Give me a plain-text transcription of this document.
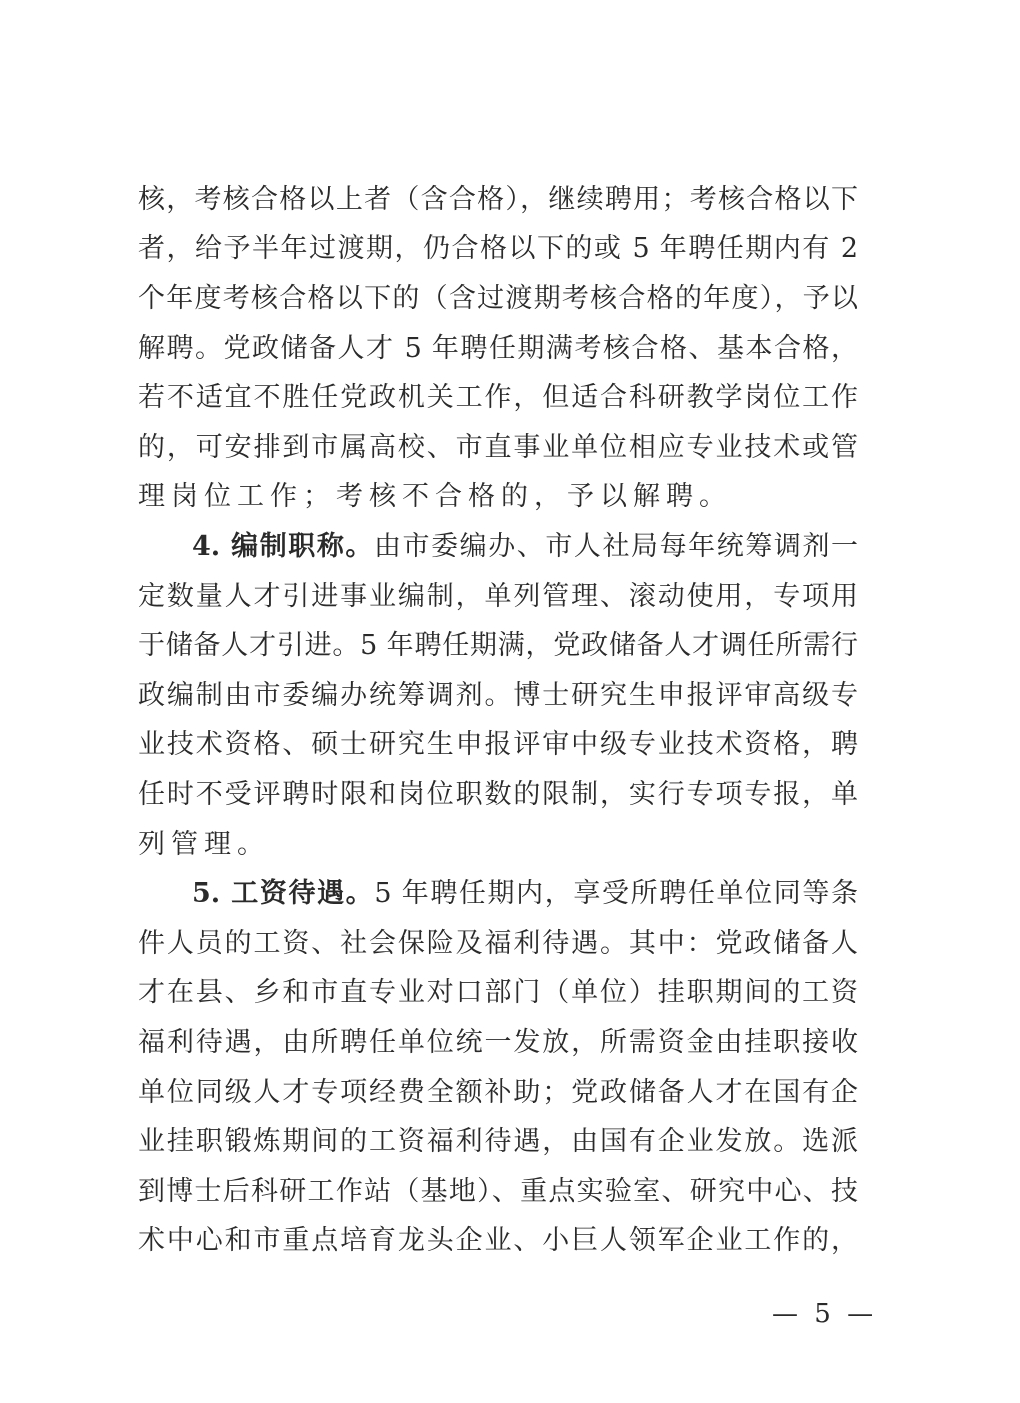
核，考核合格以上者（含合格），继续聘用；考核合格以下
者，给予半年过渡期，仍合格以下的或 5 年聘任期内有 2
个年度考核合格以下的（含过渡期考核合格的年度），予以
解聘。党政储备人才 5 年聘任期满考核合格、基本合格，
若不适宜不胜任党政机关工作，但适合科研教学岗位工作
的，可安排到市属高校、市直事业单位相应专业技术或管
理岗位工作；考核不合格的，予以解聘。
4. 编制职称。由市委编办、市人社局每年统筹调剂一
定数量人才引进事业编制，单列管理、滚动使用，专项用
于储备人才引进。5 年聘任期满，党政储备人才调任所需行
政编制由市委编办统筹调剂。博士研究生申报评审高级专
业技术资格、硕士研究生申报评审中级专业技术资格，聘
任时不受评聘时限和岗位职数的限制，实行专项专报，单
列管理。
5. 工资待遇。5 年聘任期内，享受所聘任单位同等条
件人员的工资、社会保险及福利待遇。其中：党政储备人
才在县、乡和市直专业对口部门（单位）挂职期间的工资
福利待遇，由所聘任单位统一发放，所需资金由挂职接收
单位同级人才专项经费全额补助；党政储备人才在国有企
业挂职锻炼期间的工资福利待遇，由国有企业发放。选派
到博士后科研工作站（基地）、重点实验室、研究中心、技
术中心和市重点培育龙头企业、小巨人领军企业工作的，
— 5 —
